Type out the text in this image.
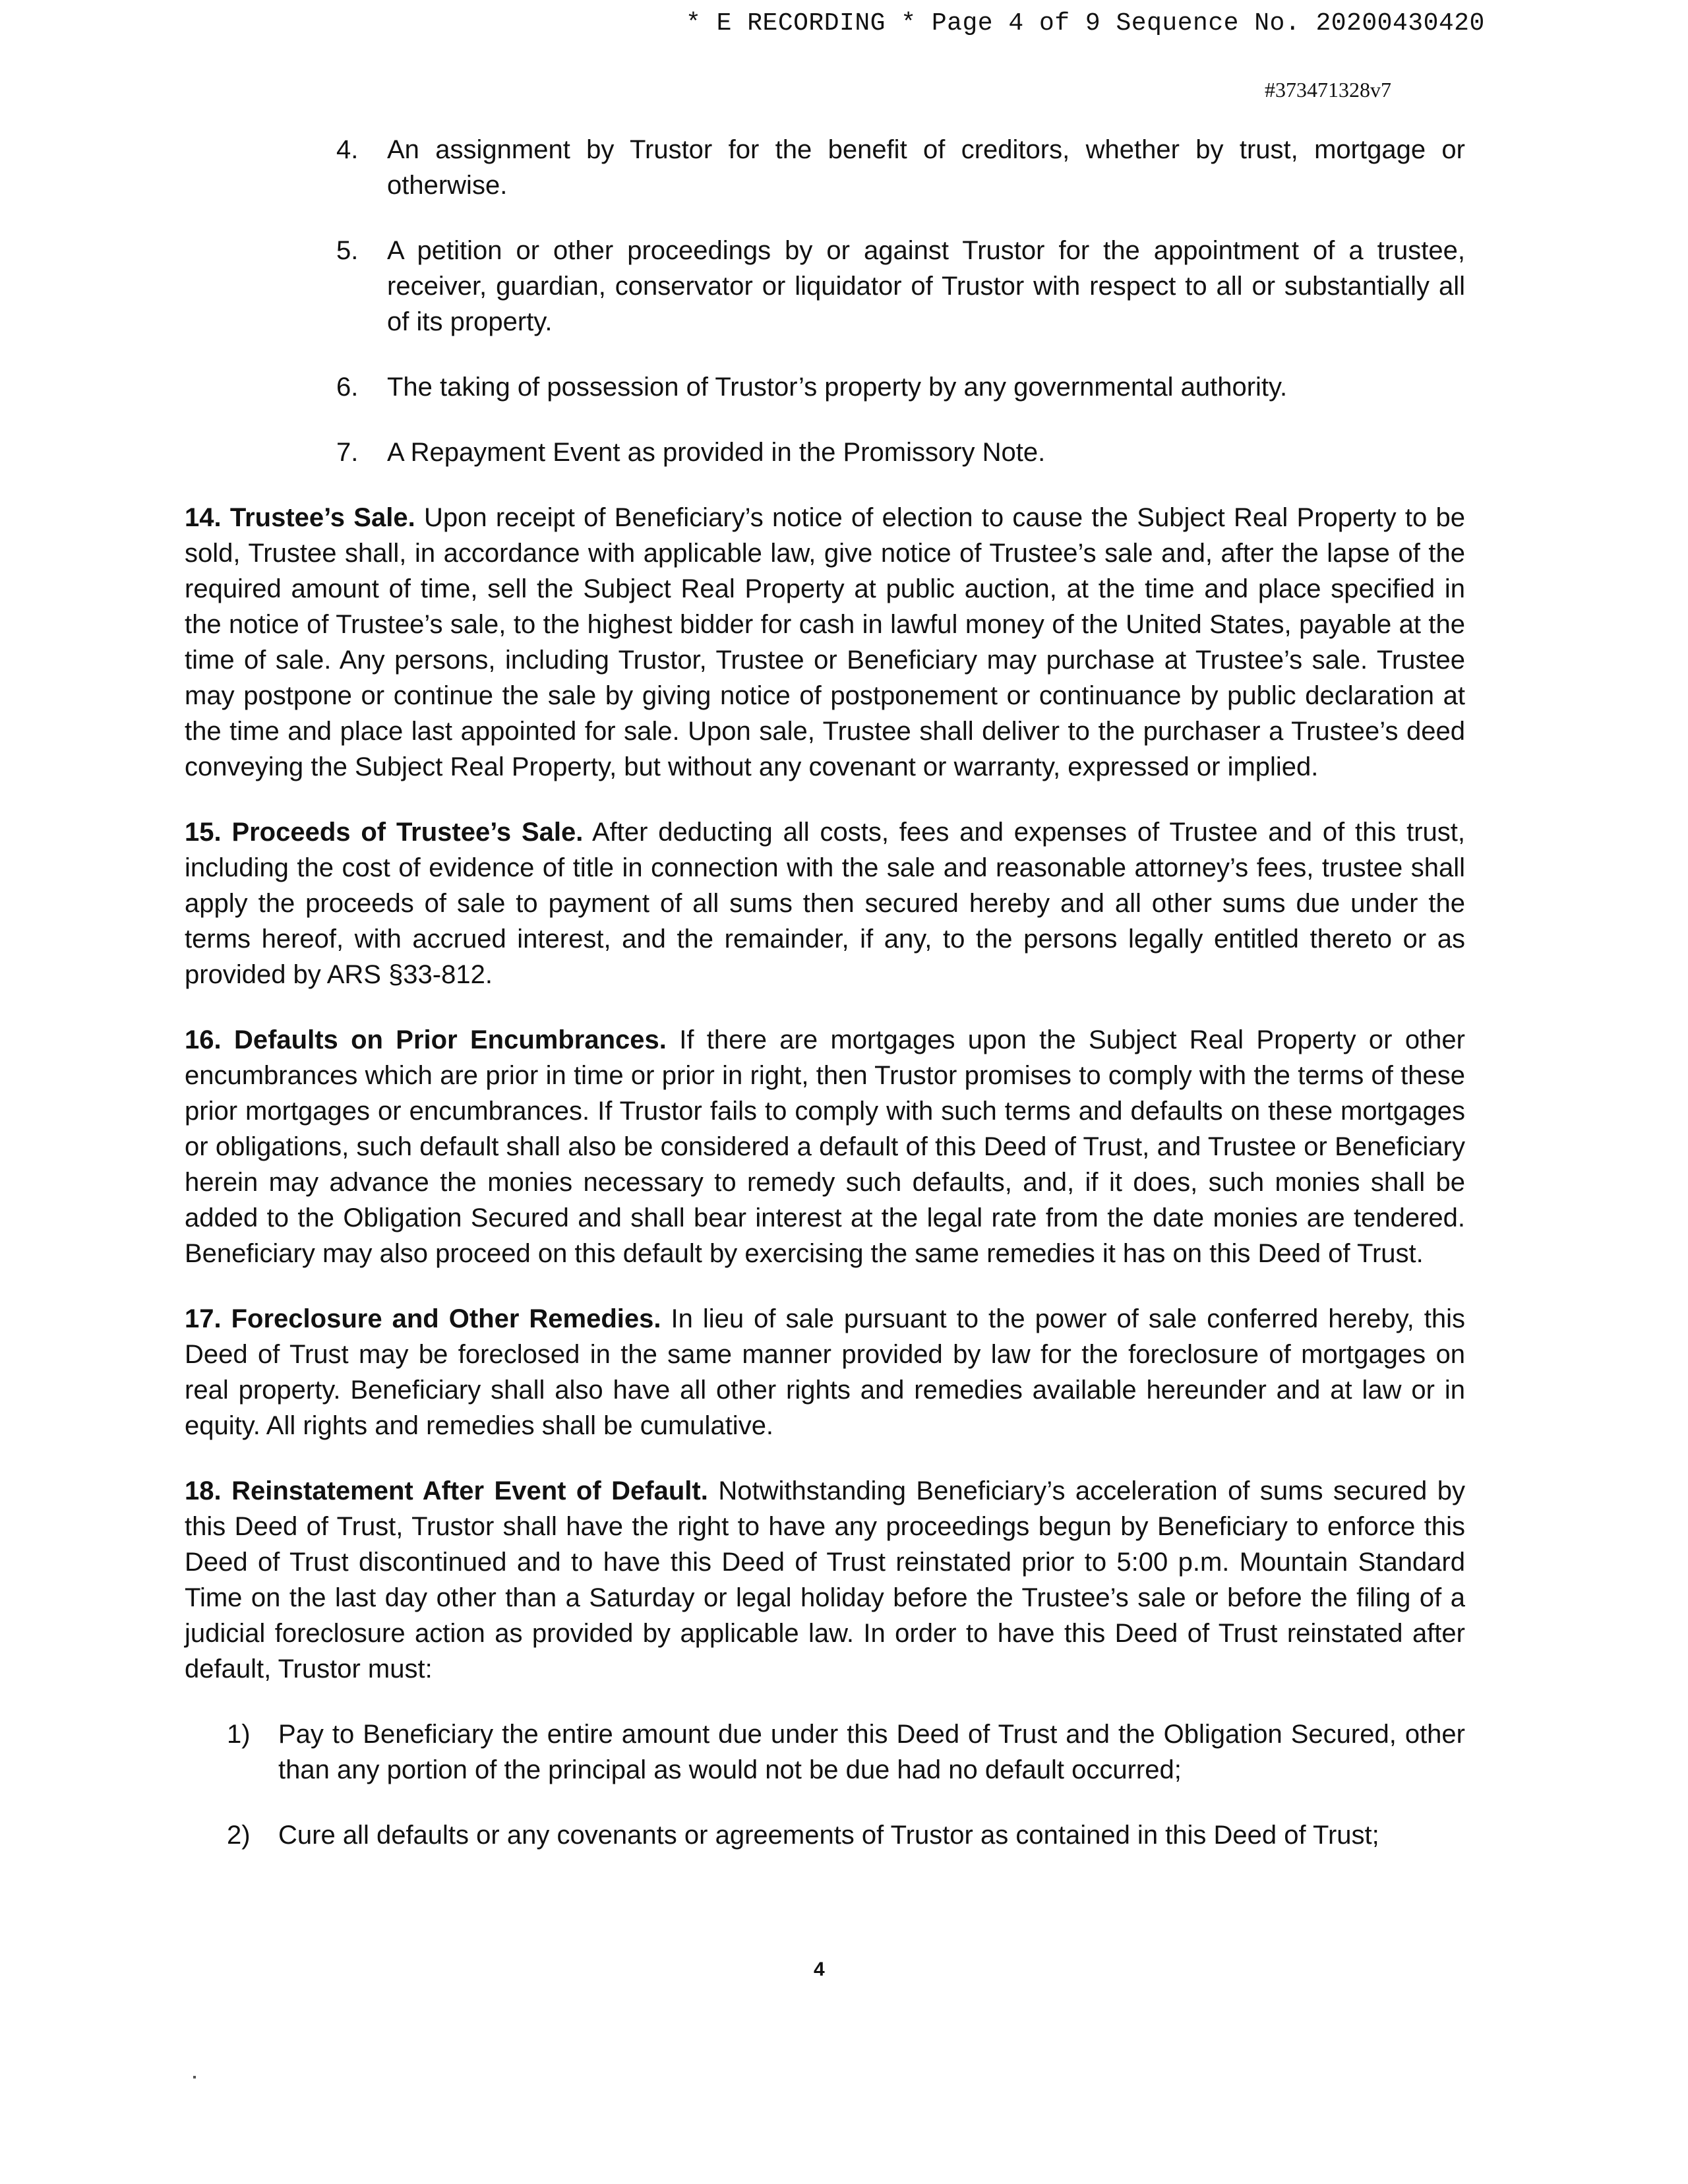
* E RECORDING * Page 4 of 9 Sequence No. 20200430420
#373471328v7
4.	An assignment by Trustor for the benefit of creditors, whether by trust, mortgage or otherwise.
5.	A petition or other proceedings by or against Trustor for the appointment of a trustee, receiver, guardian, conservator or liquidator of Trustor with respect to all or substantially all of its property.
6.	The taking of possession of Trustor’s property by any governmental authority.
7.	A Repayment Event as provided in the Promissory Note.

14. Trustee’s Sale. Upon receipt of Beneficiary’s notice of election to cause the Subject Real Property to be sold, Trustee shall, in accordance with applicable law, give notice of Trustee’s sale and, after the lapse of the required amount of time, sell the Subject Real Property at public auction, at the time and place specified in the notice of Trustee’s sale, to the highest bidder for cash in lawful money of the United States, payable at the time of sale. Any persons, including Trustor, Trustee or Beneficiary may purchase at Trustee’s sale. Trustee may postpone or continue the sale by giving notice of postponement or continuance by public declaration at the time and place last appointed for sale. Upon sale, Trustee shall deliver to the purchaser a Trustee’s deed conveying the Subject Real Property, but without any covenant or warranty, expressed or implied.

15. Proceeds of Trustee’s Sale. After deducting all costs, fees and expenses of Trustee and of this trust, including the cost of evidence of title in connection with the sale and reasonable attorney’s fees, trustee shall apply the proceeds of sale to payment of all sums then secured hereby and all other sums due under the terms hereof, with accrued interest, and the remainder, if any, to the persons legally entitled thereto or as provided by ARS §33-812.

16. Defaults on Prior Encumbrances. If there are mortgages upon the Subject Real Property or other encumbrances which are prior in time or prior in right, then Trustor promises to comply with the terms of these prior mortgages or encumbrances. If Trustor fails to comply with such terms and defaults on these mortgages or obligations, such default shall also be considered a default of this Deed of Trust, and Trustee or Beneficiary herein may advance the monies necessary to remedy such defaults, and, if it does, such monies shall be added to the Obligation Secured and shall bear interest at the legal rate from the date monies are tendered. Beneficiary may also proceed on this default by exercising the same remedies it has on this Deed of Trust.

17. Foreclosure and Other Remedies. In lieu of sale pursuant to the power of sale conferred hereby, this Deed of Trust may be foreclosed in the same manner provided by law for the foreclosure of mortgages on real property. Beneficiary shall also have all other rights and remedies available hereunder and at law or in equity. All rights and remedies shall be cumulative.

18. Reinstatement After Event of Default. Notwithstanding Beneficiary’s acceleration of sums secured by this Deed of Trust, Trustor shall have the right to have any proceedings begun by Beneficiary to enforce this Deed of Trust discontinued and to have this Deed of Trust reinstated prior to 5:00 p.m. Mountain Standard Time on the last day other than a Saturday or legal holiday before the Trustee’s sale or before the filing of a judicial foreclosure action as provided by applicable law. In order to have this Deed of Trust reinstated after default, Trustor must:

1)	Pay to Beneficiary the entire amount due under this Deed of Trust and the Obligation Secured, other than any portion of the principal as would not be due had no default occurred;
2)	Cure all defaults or any covenants or agreements of Trustor as contained in this Deed of Trust;
4
